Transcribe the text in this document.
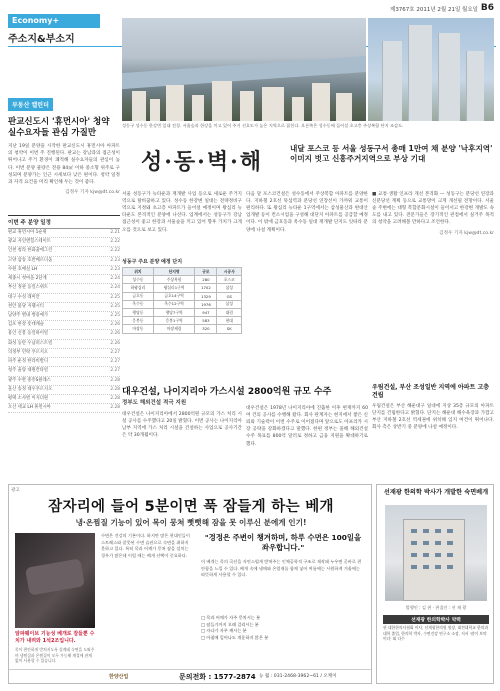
제3767호 2011년 2월 21일 월요일 B6
Economy+
주소지&부소지
부동산 캘린더
판교신도시 '휴먼시아' 청약 실수요자들 관심 가질만
지난 19일 분양을 시작한 판교신도시 휴먼시아 아파트의 청약이 이번 주 진행된다. 판교는 강남과의 접근성이 뛰어나고 주거 환경이 쾌적해 실수요자들의 관심이 높다. 이번 분양 물량은 전용 84㎡ 이하 중소형 위주로 구성되며 분양가는 인근 시세보다 낮은 편이다. 청약 일정과 자격 요건을 미리 확인해 두는 것이 좋다.
김정우 기자 kjw@dt.co.kr
이번 주 분양 일정
판교 휴먼시아 1순위	2.21
광교 자연앤힐스테이트	2.22
인천 청라 한화꿈에그린	2.22
고양 삼송 호반베르디움	2.23
수원 호매실 LH	2.23
세종시 첫마을 2단계	2.24
부산 정관 동일스위트	2.24
대구 수성 래미안	2.25
천안 불당 지웰시티	2.25
남양주 별내 쌍용예가	2.25
김포 한강 롯데캐슬	2.26
용인 신봉 동일하이빌	2.26
화성 동탄 우남퍼스트빌	2.26
의정부 민락 푸르지오	2.27
파주 운정 한라비발디	2.27
청주 율량 대원칸타빌	2.27
광주 수완 중흥S클래스	2.28
울산 송정 대우푸르지오	2.28
평택 소사벌 이지더원	2.28
오산 세교 LH 휴먼시아	2.28
성동구 성수동 한강변 일대 전경. 서울숲과 한강을 끼고 있어 주거 선호도가 높은 지역으로 꼽힌다. 오른쪽은 성수동에 들어설 초고층 주상복합 단지 조감도.
성·동·벽·해
내달 포스코 등 서울 성동구서 총매 1만여 채 분양 '낙후지역' 이미지 벗고 신흥주거지역으로 부상 기대
서울 성동구가 뉴타운과 재개발 사업 등으로 새로운 주거지역으로 탈바꿈하고 있다. 성수동 한강변 일대는 전략정비구역으로 지정돼 초고층 아파트가 들어설 예정이며 왕십리 뉴타운도 본격적인 분양에 나선다. 업계에서는 성동구가 강남 접근성이 좋고 한강과 서울숲을 끼고 있어 향후 가치가 크게 오를 것으로 보고 있다.
다음 달 포스코건설은 성수동에서 주상복합 아파트를 분양한다. 지하철 2호선 뚝섬역과 분당선 연장선이 가까워 교통이 편리하다. 또 왕십리 뉴타운 1구역에서는 삼성물산과 현대산업개발 등이 컨소시엄을 구성해 대단지 아파트를 공급할 예정이다. 이 밖에 금호동과 옥수동 일대 재개발 단지도 잇따라 분양에 나설 계획이다.
■ 교통·생활 인프라 개선 본격화 — 성동구는 분당선 연장과 신분당선 계획 등으로 교통망이 크게 개선될 전망이다. 서울숲 주변에는 대형 복합문화시설이 들어서고 한강변 개발도 속도를 내고 있다. 전문가들은 장기적인 관점에서 실거주 목적의 청약을 고려해볼 만하다고 조언한다.
김정우 기자 kjw@dt.co.kr
성동구 주요 분양 예정 단지
위치	단지명	규모	시공사
성수동	주상복합	280	포스코
하왕십리	왕십리1구역	1702	삼성
금호동	금호14구역	1329	GS
옥수동	옥수12구역	1976	삼성
행당동	행당7구역	947	대림
응봉동	응봉1구역	583	현대
마장동	마장세림	320	SK
대우건설, 나이지리아 가스시설 2800억원 규모 수주
정부도 해외건설 적극 지원
대우건설은 나이지리아에서 2800억원 규모의 가스 처리 시설 공사를 수주했다고 20일 밝혔다. 이번 공사는 나이지리아 남부 지역에 가스 처리 시설을 건설하는 사업으로 공사기간은 약 30개월이다.
대우건설은 1978년 나이지리아에 진출한 이후 현재까지 60여 건의 공사를 수행해 왔다. 회사 관계자는 현지에서 쌓은 신뢰와 기술력이 이번 수주로 이어졌다며 앞으로도 아프리카 시장 공략을 강화하겠다고 말했다. 한편 정부는 올해 해외건설 수주 목표를 800억 달러로 정하고 금융 지원을 확대하기로 했다.
우림건설, 부산 조성일반 지역에 아파트 고층 건립
우림건설은 부산 해운대구 일대에 지상 35층 규모의 아파트 단지를 건립한다고 밝혔다. 단지는 해운대 해수욕장과 가깝고 부산 지하철 2호선 역세권에 위치해 입지 여건이 뛰어나다. 회사 측은 상반기 중 분양에 나설 예정이다.
광고
잠자리에 들어 5분이면 푹 잠들게 하는 베개
냉·온찜질 기능이 있어 목이 뭉쳐 뻣뻣해 잠을 못 이루신 분에게 인기!
알파웨이브 기능성 베개로 잠들뿐 수치가 내려와 1석2조입니다.
목이 편안하게 받쳐지도록 설계돼 숙면을 도와주며 냉찜질과 온찜질이 모두 가능해 계절에 관계없이 사용할 수 있습니다.
수면은 건강의 기본이다. 하지만 많은 현대인들이 스트레스와 잘못된 수면 습관으로 숙면을 취하지 못하고 있다. 특히 목과 어깨가 뭉쳐 잠을 설치는 경우가 많은데 이럴 때는 베개 선택이 중요하다.
"경정은 주변이 챙겨하며, 하루 수면은 100일을 좌우합니다."
이 베개는 목의 곡선을 자연스럽게 받쳐주는 인체공학적 구조로 제작돼 누우면 곧바로 편안함을 느낄 수 있다. 베개 속에 냉매와 온열재를 함께 넣어 여름에는 시원하게 겨울에는 따뜻하게 사용할 수 있다.
□ 목과 어깨가 자주 뭉치시는 분
□ 잠들기까지 오래 걸리시는 분
□ 자다가 자주 깨시는 분
□ 아침에 일어나도 개운하지 않은 분
한양산업	문의전화 : 1577-2874 능 월 : 031-2468-3962~61 / 오케이
선재광 한의학 박사가 개발한 숙면베개
발행인 : 김 현 · 편집인 : 선 재 광
선재광 한의학박사 약력
현 대한한의사협회 이사, 선재광한의원 원장, 대전대학교 한의과대학 졸업, 한의학 박사, 수면건강 연구소 소장, 저서 '잠이 보약이다' 외 다수
